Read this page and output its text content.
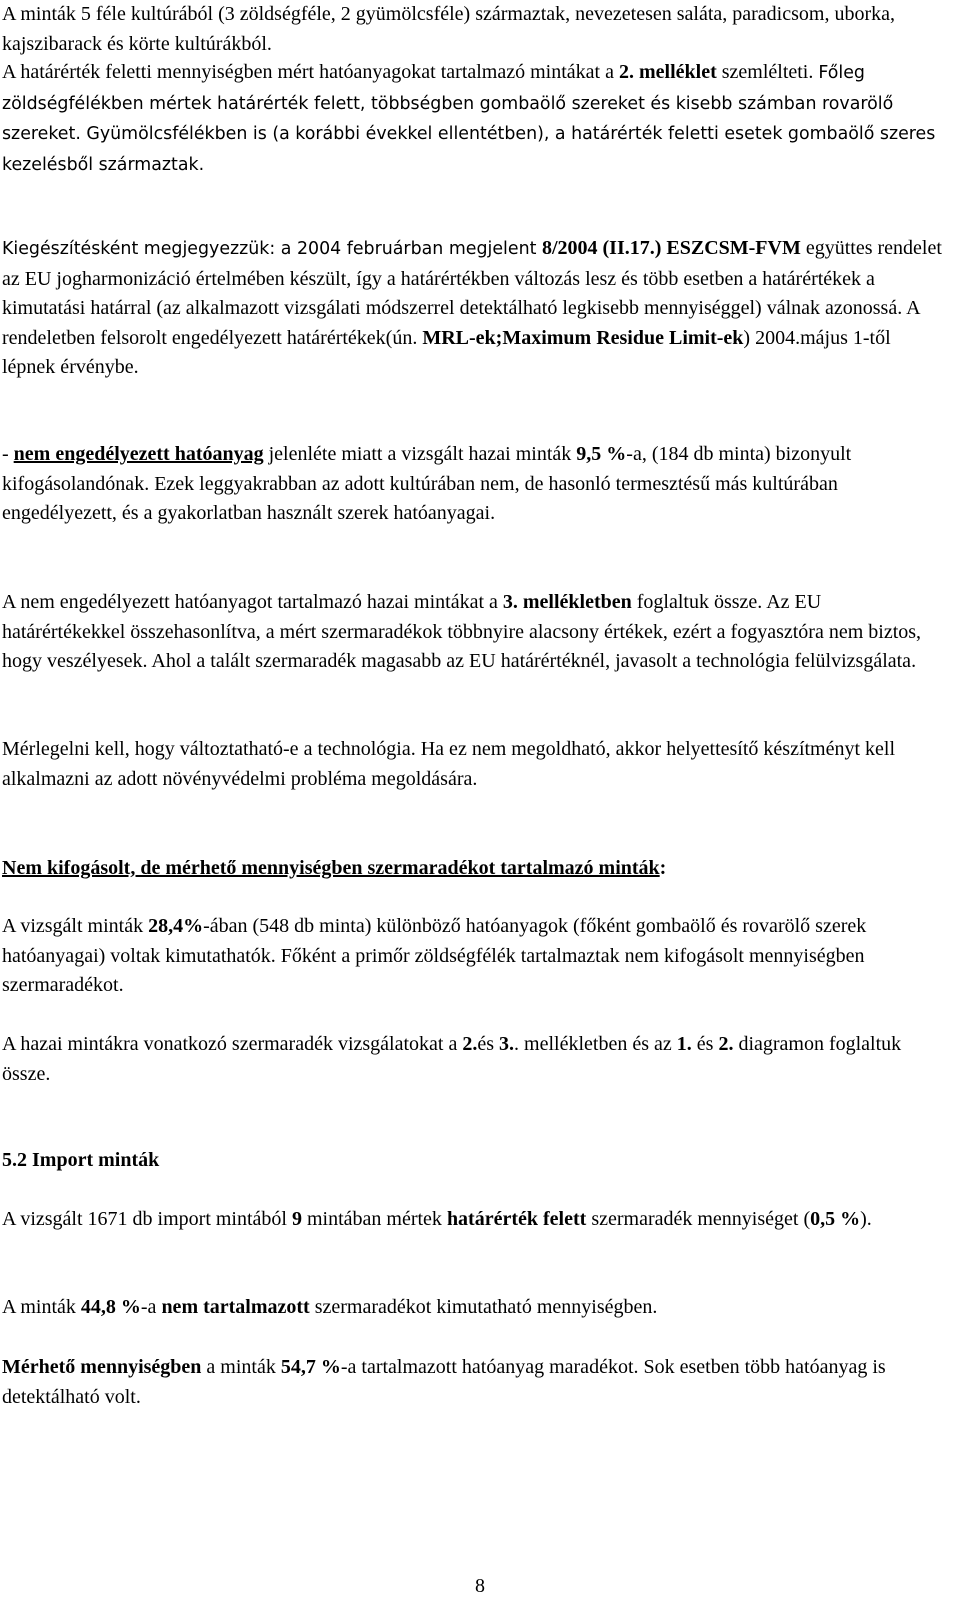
A minták 5 féle kultúrából (3 zöldségféle, 2 gyümölcsféle) származtak, nevezetesen saláta, paradicsom, uborka, kajszibarack és körte kultúrákból.

A határérték feletti mennyiségben mért hatóanyagokat tartalmazó mintákat a 2. melléklet szemlélteti. Főleg zöldségfélékben mértek határérték felett, többségben gombaölő szereket és kisebb számban rovarölő szereket. Gyümölcsfélékben is (a korábbi évekkel ellentétben), a határérték feletti esetek gombaölő szeres kezelésből származtak.

Kiegészítésként megjegyezzük: a 2004 februárban megjelent 8/2004 (II.17.) ESZCSM-FVM együttes rendelet az EU jogharmonizáció értelmében készült, így a határértékben változás lesz és több esetben a határértékek a kimutatási határral (az alkalmazott vizsgálati módszerrel detektálható legkisebb mennyiséggel) válnak azonossá. A rendeletben felsorolt engedélyezett határértékek(ún. MRL-ek;Maximum Residue Limit-ek) 2004.május 1-től lépnek érvénybe.

- nem engedélyezett hatóanyag jelenléte miatt a vizsgált hazai minták 9,5 %-a, (184 db minta) bizonyult kifogásolandónak. Ezek leggyakrabban az adott kultúrában nem, de hasonló termesztésű más kultúrában engedélyezett, és a gyakorlatban használt szerek hatóanyagai.

A nem engedélyezett hatóanyagot tartalmazó hazai mintákat a 3. mellékletben foglaltuk össze. Az EU határértékekkel összehasonlítva, a mért szermaradékok többnyire alacsony értékek, ezért a fogyasztóra nem biztos, hogy veszélyesek. Ahol a talált szermaradék magasabb az EU határértéknél, javasolt a technológia felülvizsgálata.

Mérlegelni kell, hogy változtatható-e a technológia. Ha ez nem megoldható, akkor helyettesítő készítményt kell alkalmazni az adott növényvédelmi probléma megoldására.

Nem kifogásolt, de mérhető mennyiségben szermaradékot tartalmazó minták:

A vizsgált minták 28,4%-ában (548 db minta) különböző hatóanyagok (főként gombaölő és rovarölő szerek hatóanyagai) voltak kimutathatók. Főként a primőr zöldségfélék tartalmaztak nem kifogásolt mennyiségben szermaradékot.

A hazai mintákra vonatkozó szermaradék vizsgálatokat a 2.és 3.. mellékletben és az 1. és 2. diagramon foglaltuk össze.

5.2 Import minták

A vizsgált 1671 db import mintából 9 mintában mértek határérték felett szermaradék mennyiséget (0,5 %).

A minták 44,8 %-a nem tartalmazott szermaradékot kimutatható mennyiségben.

Mérhető mennyiségben a minták 54,7 %-a tartalmazott hatóanyag maradékot. Sok esetben több hatóanyag is detektálható volt.

8
